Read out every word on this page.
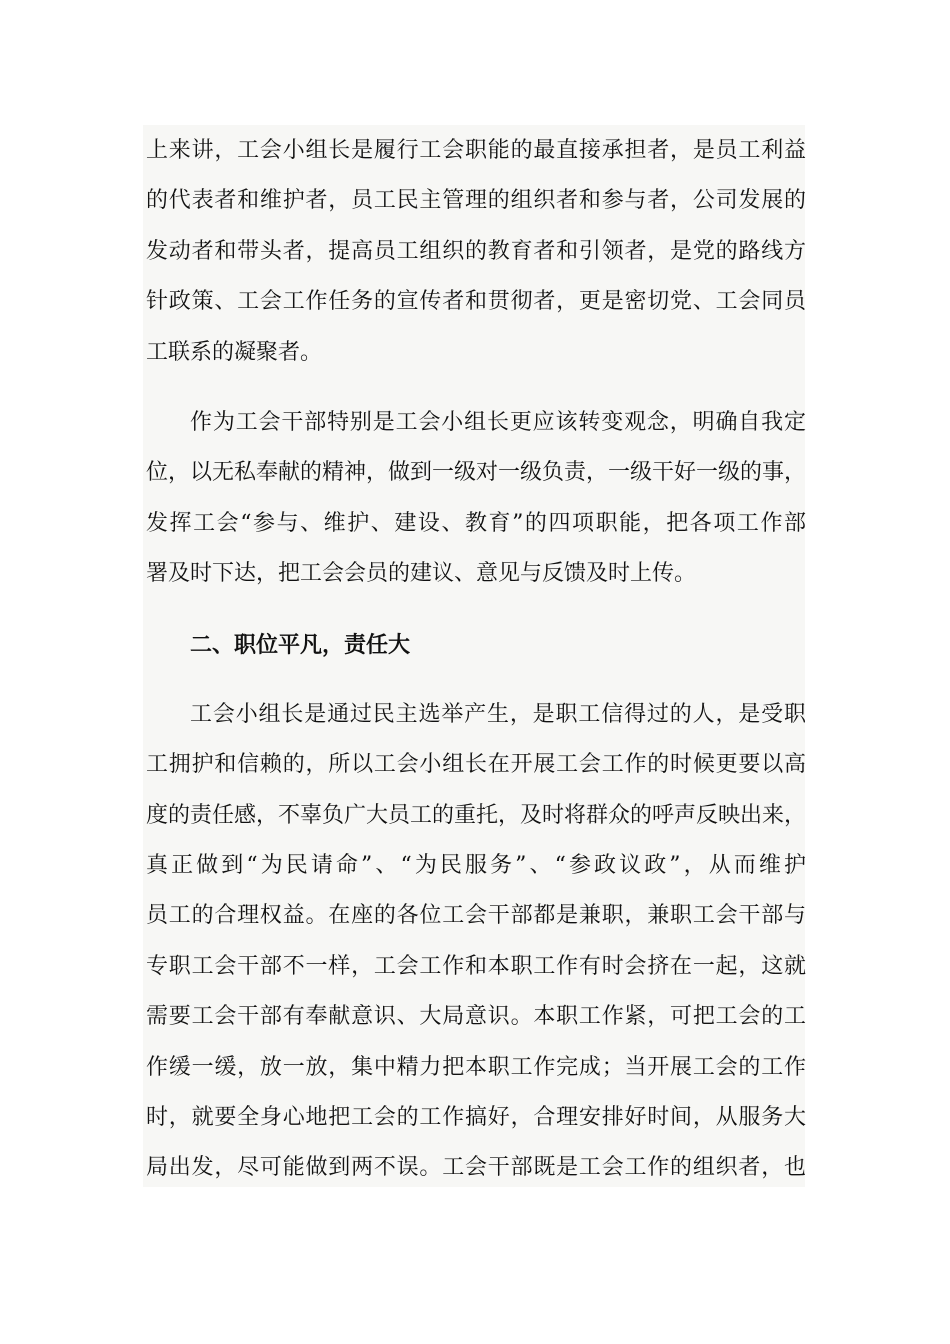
上来讲，工会小组长是履行工会职能的最直接承担者，是员工利益
的代表者和维护者，员工民主管理的组织者和参与者，公司发展的
发动者和带头者，提高员工组织的教育者和引领者，是党的路线方
针政策、工会工作任务的宣传者和贯彻者，更是密切党、工会同员
工联系的凝聚者。
作为工会干部特别是工会小组长更应该转变观念，明确自我定
位，以无私奉献的精神，做到一级对一级负责，一级干好一级的事，
发挥工会“参与、维护、建设、教育”的四项职能，把各项工作部
署及时下达，把工会会员的建议、意见与反馈及时上传。
二、职位平凡，责任大
工会小组长是通过民主选举产生，是职工信得过的人，是受职
工拥护和信赖的，所以工会小组长在开展工会工作的时候更要以高
度的责任感，不辜负广大员工的重托，及时将群众的呼声反映出来，
真正做到“为民请命”、“为民服务”、“参政议政”，从而维护
员工的合理权益。在座的各位工会干部都是兼职，兼职工会干部与
专职工会干部不一样，工会工作和本职工作有时会挤在一起，这就
需要工会干部有奉献意识、大局意识。本职工作紧，可把工会的工
作缓一缓，放一放，集中精力把本职工作完成；当开展工会的工作
时，就要全身心地把工会的工作搞好，合理安排好时间，从服务大
局出发，尽可能做到两不误。工会干部既是工会工作的组织者，也
